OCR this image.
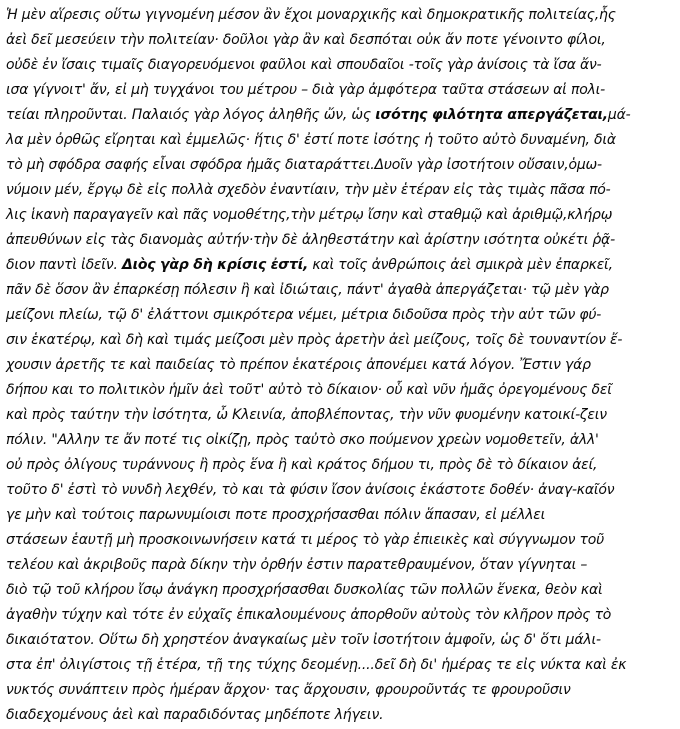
Ἡ μὲν αἵρεσις οὕτω γιγνομένη μέσον ἂν ἔχοι μοναρχικῆς καὶ δημοκρατικῆς πολιτείας,ἧς
ἀεὶ δεῖ μεσεύειν τὴν πολιτείαν· δοῦλοι γὰρ ἂν καὶ δεσπόται οὐκ ἄν ποτε γένοιντο φίλοι,
οὐδὲ ἐν ἴσαις τιμαῖς διαγορευόμενοι φαῦλοι καὶ σπουδαῖοι -τοῖς γὰρ ἀνίσοις τὰ ἴσα ἄν-
ισα γίγνοιτ' ἄν, εἰ μὴ τυγχάνοι του μέτρου – διὰ γὰρ ἀμφότερα ταῦτα στάσεων αἱ πολι-
τείαι πληροῦνται. Παλαιός γὰρ λόγος ἀληθῆς ὤν, ὡς ισότης φιλότητα απεργάζεται,μά-
λα μὲν ὀρθῶς εἴρηται καὶ ἐμμελῶς· ἥτις δ' ἐστί ποτε ἰσότης ἡ τοῦτο αὐτὸ δυναμένη, διὰ
τὸ μὴ σφόδρα σαφής εἶναι σφόδρα ἡμᾶς διαταράττει.Δυοῖν γὰρ ἰσοτήτοιν οὔσαιν,ὁμω-
νύμοιν μέν, ἔργῳ δὲ εἰς πολλὰ σχεδὸν ἐναντίαιν, τὴν μὲν ἑτέραν εἰς τὰς τιμὰς πᾶσα πό-
λις ἱκανὴ παραγαγεῖν καὶ πᾶς νομοθέτης,τὴν μέτρῳ ἴσην καὶ σταθμῷ καὶ ἀριθμῷ,κλήρῳ
ἀπευθύνων εἰς τὰς διανομὰς αὐτήν·τὴν δὲ ἀληθεστάτην καὶ ἀρίστην ισότητα οὐκέτι ῥᾷ-
διον παντὶ ἰδεῖν. Διὸς γὰρ δὴ κρίσις ἐστί, καὶ τοῖς ἀνθρώποις ἀεὶ σμικρὰ μὲν ἐπαρκεῖ,
πᾶν δὲ ὅσον ἂν ἐπαρκέσῃ πόλεσιν ἢ καὶ ἰδιώταις, πάντ' ἀγαθὰ ἀπεργάζεται· τῷ μὲν γὰρ
μείζονι πλείω, τῷ δ' ἐλάττονι σμικρότερα νέμει, μέτρια διδοῦσα πρὸς τὴν αὐτ τῶν φύ-
σιν ἑκατέρῳ, καὶ δὴ καὶ τιμάς μείζοσι μὲν πρὸς ἀρετὴν ἀεὶ μείζους, τοῖς δὲ τουναντίον ἔ-
χουσιν ἀρετῆς τε καὶ παιδείας τὸ πρέπον ἑκατέροις ἀπονέμει κατά λόγον. Ἔστιν γάρ
δήπου και το πολιτικὸν ἡμῖν ἀεὶ τοῦτ' αὐτὸ τὸ δίκαιον· οὗ καὶ νῦν ἡμᾶς ὀρεγομένους δεῖ
καὶ πρὸς ταύτην τὴν ἰσότητα, ὦ Κλεινία, ἀποβλέποντας, τὴν νῦν φυομένην κατοικί-ζειν
πόλιν. "Αλλην τε ἄν ποτέ τις οἰκίζῃ, πρὸς ταὐτὸ σκο πούμενον χρεὼν νομοθετεῖν, ἀλλ'
οὐ πρὸς ὀλίγους τυράννους ἢ πρὸς ἕνα ἢ καὶ κράτος δήμου τι, πρὸς δὲ τὸ δίκαιον ἀεί,
τοῦτο δ' ἐστὶ τὸ νυνδὴ λεχθέν, τὸ και τὰ φύσιν ἴσον ἀνίσοις ἑκάστοτε δοθέν· ἀναγ-καῖόν
γε μὴν καὶ τούτοις παρωνυμίοισι ποτε προσχρήσασθαι πόλιν ἅπασαν, εἰ μέλλει
στάσεων ἑαυτῇ μὴ προσκοινωνήσειν κατά τι μέρος τὸ γὰρ ἐπιεικὲς καὶ σύγγνωμον τοῦ
τελέου καὶ ἀκριβοῦς παρὰ δίκην τὴν ὀρθήν ἐστιν παρατεθραυμένον, ὅταν γίγνηται –
διὸ τῷ τοῦ κλήρου ἴσῳ ἀνάγκη προσχρήσασθαι δυσκολίας τῶν πολλῶν ἕνεκα, θεὸν καὶ
ἀγαθὴν τύχην καὶ τότε ἐν εὐχαῖς ἐπικαλουμένους ἀπορθοῦν αὐτοὺς τὸν κλῆρον πρὸς τὸ
δικαιότατον. Οὕτω δὴ χρηστέον ἀναγκαίως μὲν τοῖν ἰσοτήτοιν ἀμφοῖν, ὡς δ' ὅτι μάλι-
στα ἐπ' ὀλιγίστοις τῇ ἑτέρα, τῇ της τύχης δεομένῃ....δεῖ δὴ δι' ἡμέρας τε εἰς νύκτα καὶ ἐκ
νυκτός συνάπτειν πρὸς ἡμέραν ἄρχον· τας ἄρχουσιν, φρουροῦντάς τε φρουροῦσιν
διαδεχομένους ἀεὶ καὶ παραδιδόντας μηδέποτε λήγειν.
